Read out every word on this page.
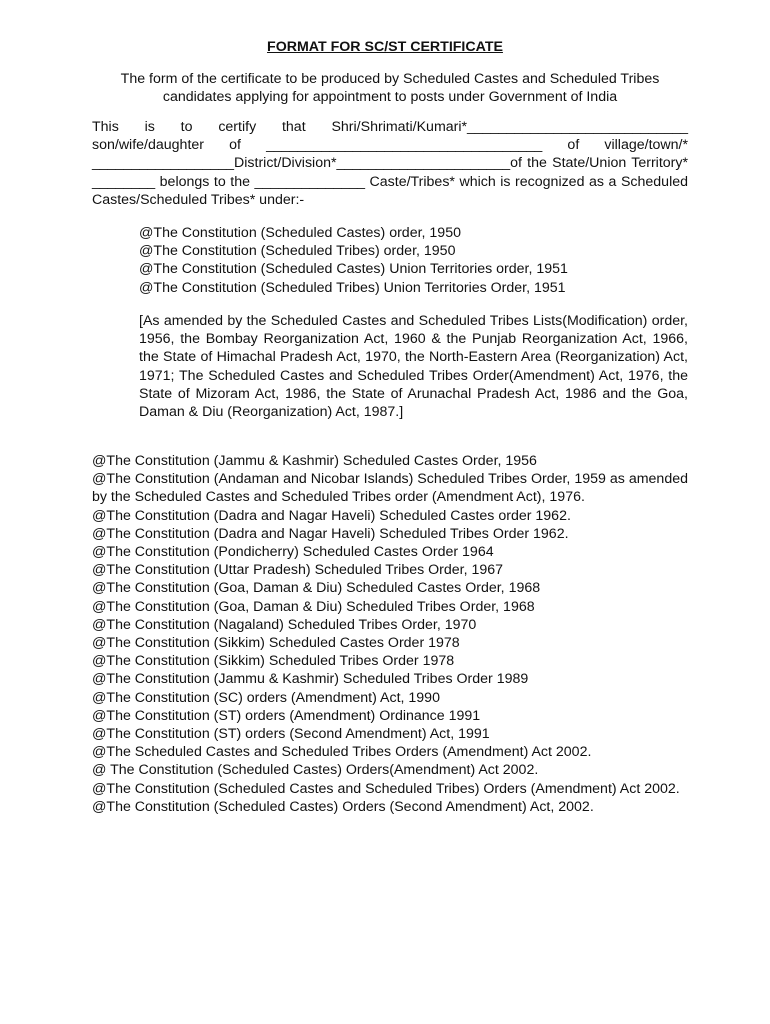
FORMAT FOR SC/ST CERTIFICATE
The form of the certificate to be produced by Scheduled Castes and Scheduled Tribes
candidates applying for appointment to posts under Government of India
This is to certify that Shri/Shrimati/Kumari*____________________________ son/wife/daughter of ___________________________________ of village/town/* __________________District/Division*______________________of the State/Union Territory* ________ belongs to the ______________ Caste/Tribes* which is recognized as a Scheduled Castes/Scheduled Tribes* under:-
@The Constitution (Scheduled Castes) order, 1950
@The Constitution (Scheduled Tribes) order, 1950
@The Constitution (Scheduled Castes) Union Territories order, 1951
@The Constitution (Scheduled Tribes) Union Territories Order, 1951
[As amended by the Scheduled Castes and Scheduled Tribes Lists(Modification) order, 1956, the Bombay Reorganization Act, 1960 & the Punjab Reorganization Act, 1966, the State of Himachal Pradesh Act, 1970, the North-Eastern Area (Reorganization) Act, 1971; The Scheduled Castes and Scheduled Tribes Order(Amendment) Act, 1976, the State of Mizoram Act, 1986, the State of Arunachal Pradesh Act, 1986 and the Goa, Daman & Diu (Reorganization) Act, 1987.]
@The Constitution (Jammu & Kashmir) Scheduled Castes Order, 1956
@The Constitution (Andaman and Nicobar Islands) Scheduled Tribes Order, 1959 as amended by the Scheduled Castes and Scheduled Tribes order (Amendment Act), 1976.
@The Constitution (Dadra and Nagar Haveli) Scheduled Castes order 1962.
@The Constitution (Dadra and Nagar Haveli) Scheduled Tribes Order 1962.
@The Constitution (Pondicherry) Scheduled Castes Order 1964
@The Constitution (Uttar Pradesh) Scheduled Tribes Order, 1967
@The Constitution (Goa, Daman & Diu) Scheduled Castes Order, 1968
@The Constitution (Goa, Daman & Diu) Scheduled Tribes Order, 1968
@The Constitution (Nagaland) Scheduled Tribes Order, 1970
@The Constitution (Sikkim) Scheduled Castes Order 1978
@The Constitution (Sikkim) Scheduled Tribes Order 1978
@The Constitution (Jammu & Kashmir) Scheduled Tribes Order 1989
@The Constitution (SC) orders (Amendment) Act, 1990
@The Constitution (ST) orders (Amendment) Ordinance 1991
@The Constitution (ST) orders (Second Amendment) Act, 1991
@The Scheduled Castes and Scheduled Tribes Orders (Amendment) Act 2002.
@ The Constitution (Scheduled Castes) Orders(Amendment) Act 2002.
@The Constitution (Scheduled Castes and Scheduled Tribes) Orders (Amendment) Act 2002.
@The Constitution (Scheduled Castes) Orders (Second Amendment) Act, 2002.
